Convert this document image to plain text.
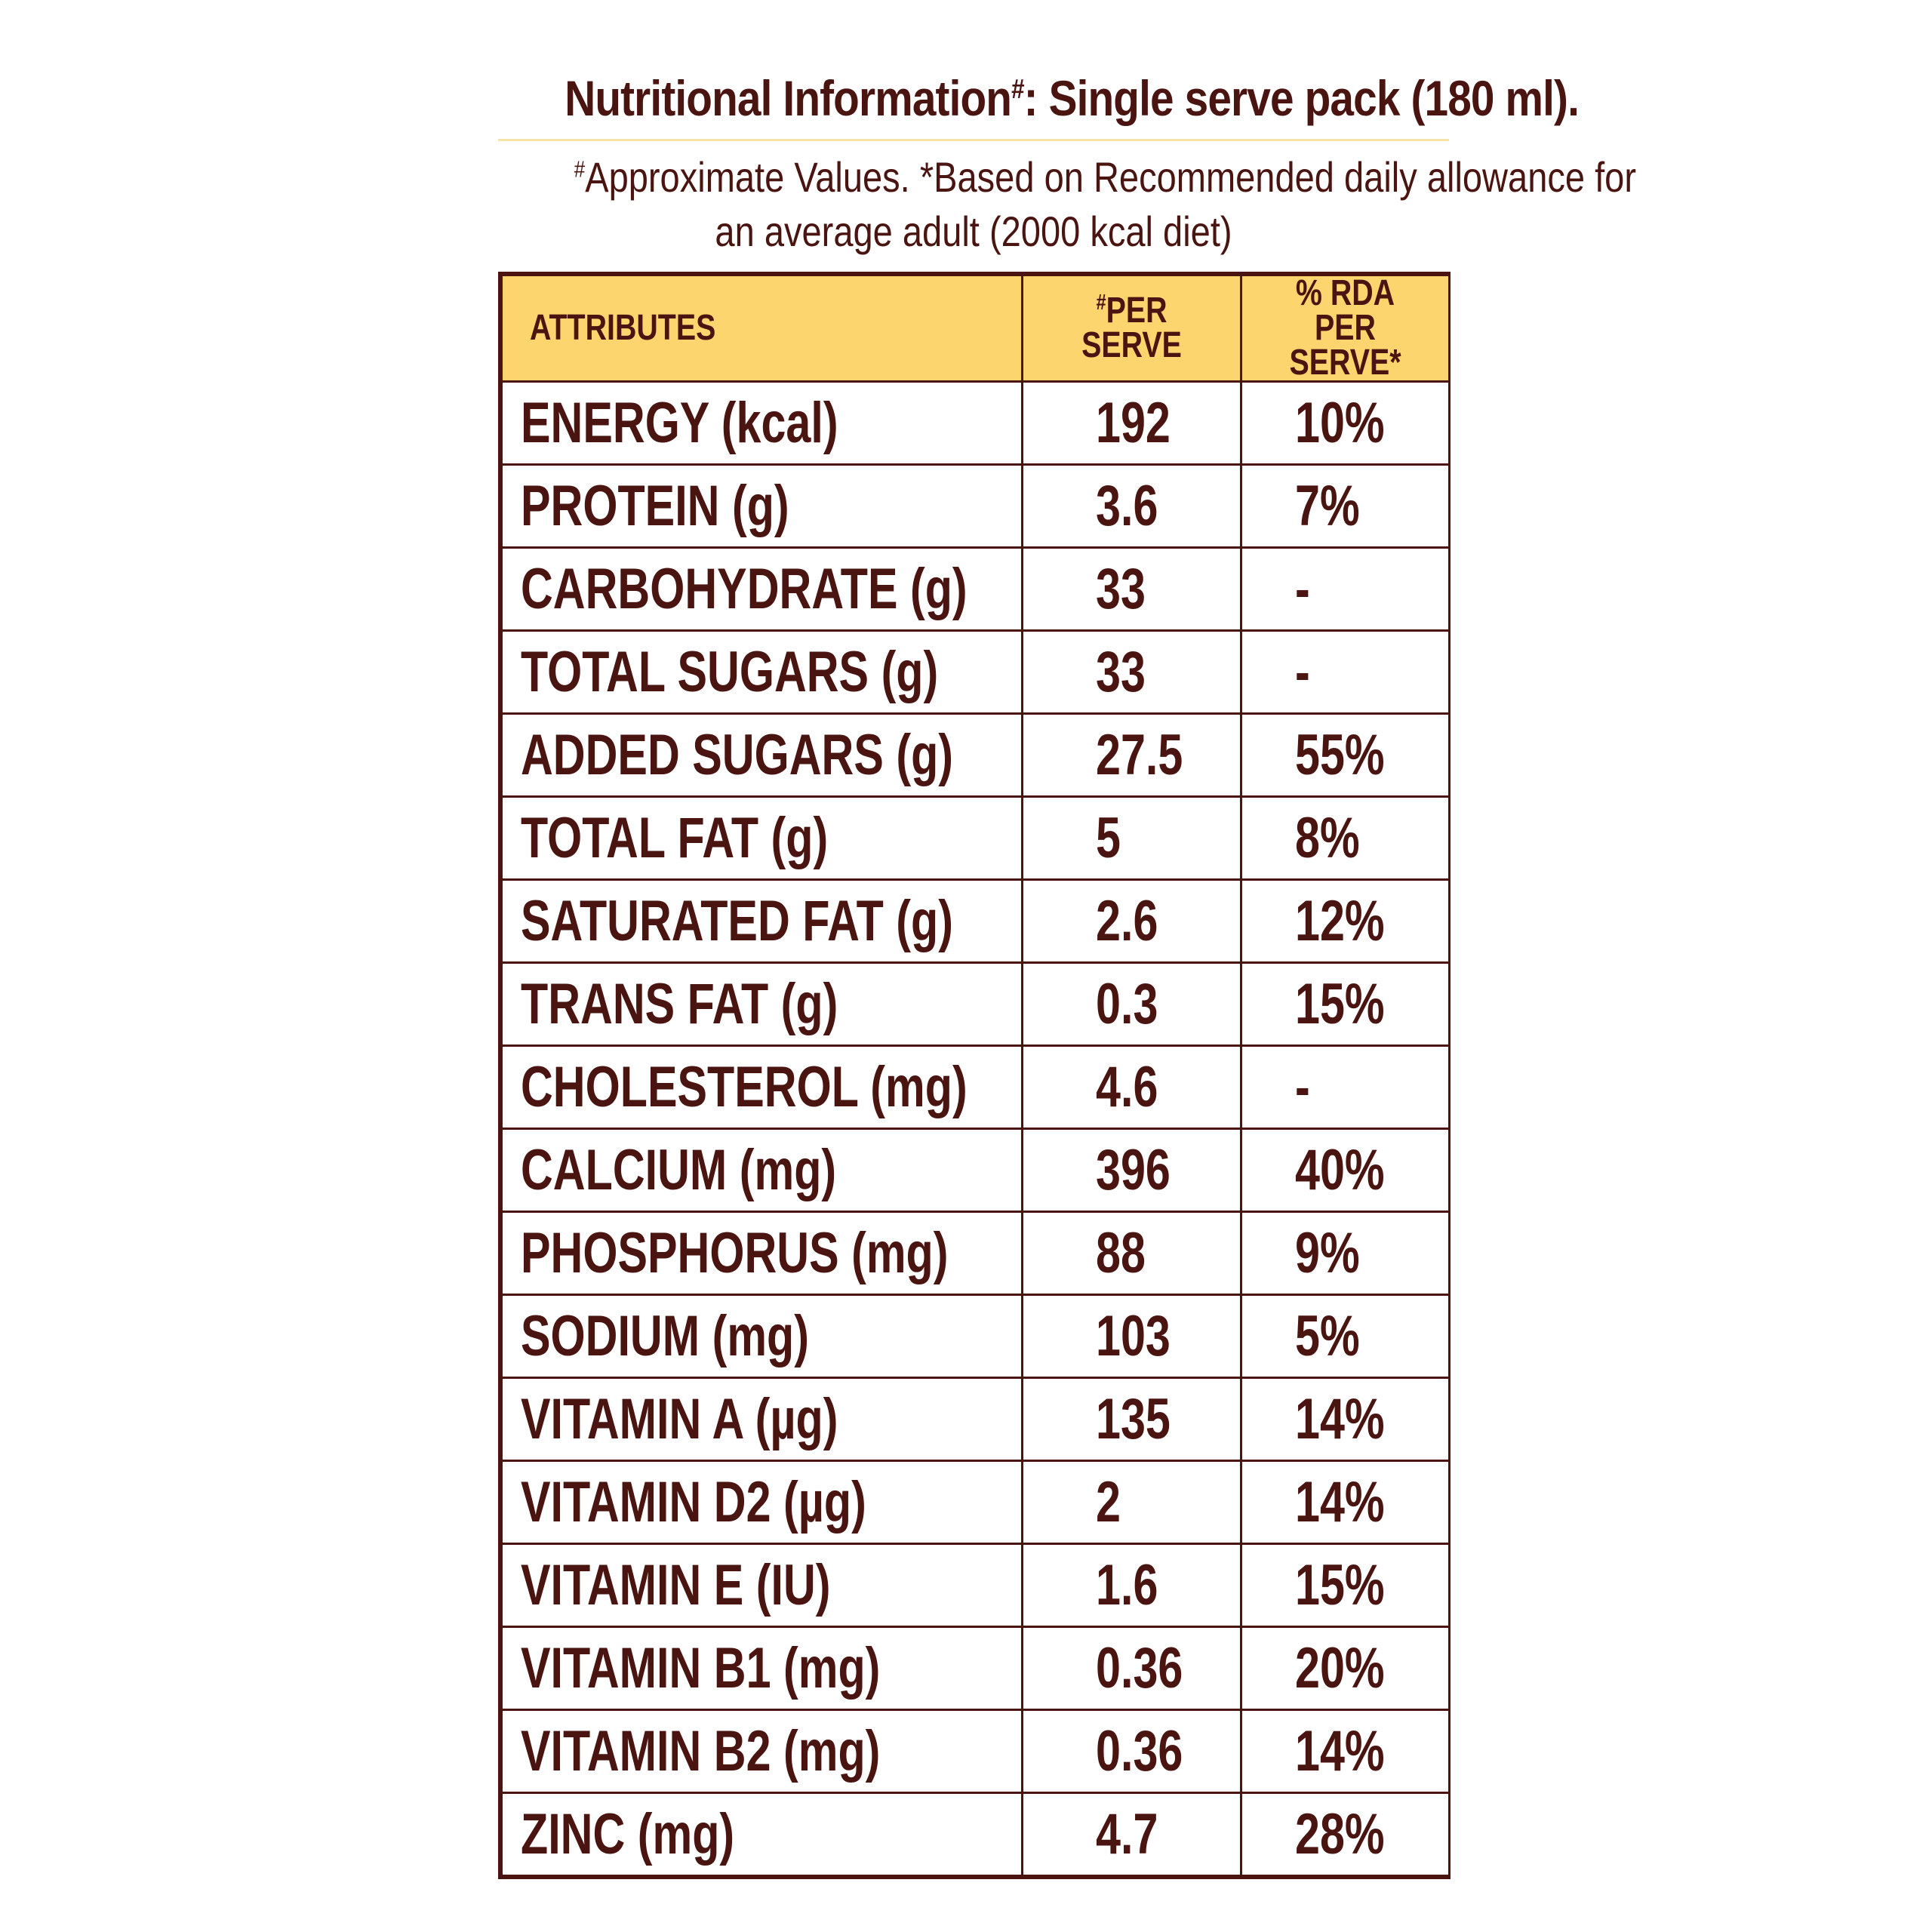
Nutritional Information#: Single serve pack (180 ml).

#Approximate Values. *Based on Recommended daily allowance for

an average adult (2000 kcal diet)

ATTRIBUTES	#PER SERVE	% RDA
PER SERVE*
ENERGY (kcal)	192	10%
PROTEIN (g)	3.6	7%
CARBOHYDRATE (g)	33	-
TOTAL SUGARS (g)	33	-
ADDED SUGARS (g)	27.5	55%
TOTAL FAT (g)	5	8%
SATURATED FAT (g)	2.6	12%
TRANS FAT (g)	0.3	15%
CHOLESTEROL (mg)	4.6	-
CALCIUM (mg)	396	40%
PHOSPHORUS (mg)	88	9%
SODIUM (mg)	103	5%
VITAMIN A (µg)	135	14%
VITAMIN D2 (µg)	2	14%
VITAMIN E (IU)	1.6	15%
VITAMIN B1 (mg)	0.36	20%
VITAMIN B2 (mg)	0.36	14%
ZINC (mg)	4.7	28%
